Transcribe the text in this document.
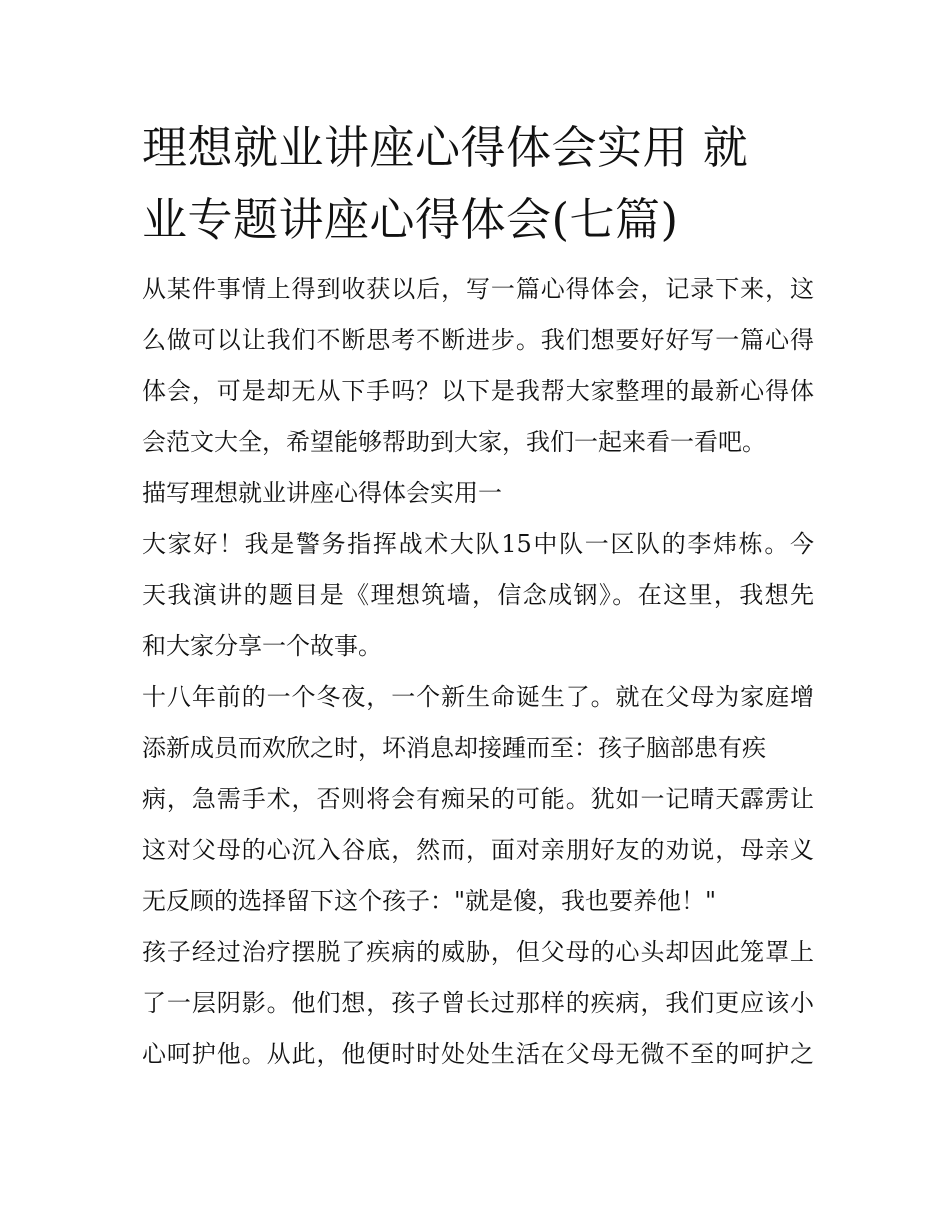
理想就业讲座心得体会实用 就
业专题讲座心得体会(七篇)
从某件事情上得到收获以后，写一篇心得体会，记录下来，这
么做可以让我们不断思考不断进步。我们想要好好写一篇心得
体会，可是却无从下手吗？以下是我帮大家整理的最新心得体
会范文大全，希望能够帮助到大家，我们一起来看一看吧。
描写理想就业讲座心得体会实用一
大家好！我是警务指挥战术大队15中队一区队的李炜栋。今
天我演讲的题目是《理想筑墙，信念成钢》。在这里，我想先
和大家分享一个故事。
十八年前的一个冬夜，一个新生命诞生了。就在父母为家庭增
添新成员而欢欣之时，坏消息却接踵而至：孩子脑部患有疾
病，急需手术，否则将会有痴呆的可能。犹如一记晴天霹雳让
这对父母的心沉入谷底，然而，面对亲朋好友的劝说，母亲义
无反顾的选择留下这个孩子："就是傻，我也要养他！"
孩子经过治疗摆脱了疾病的威胁，但父母的心头却因此笼罩上
了一层阴影。他们想，孩子曾长过那样的疾病，我们更应该小
心呵护他。从此，他便时时处处生活在父母无微不至的呵护之
